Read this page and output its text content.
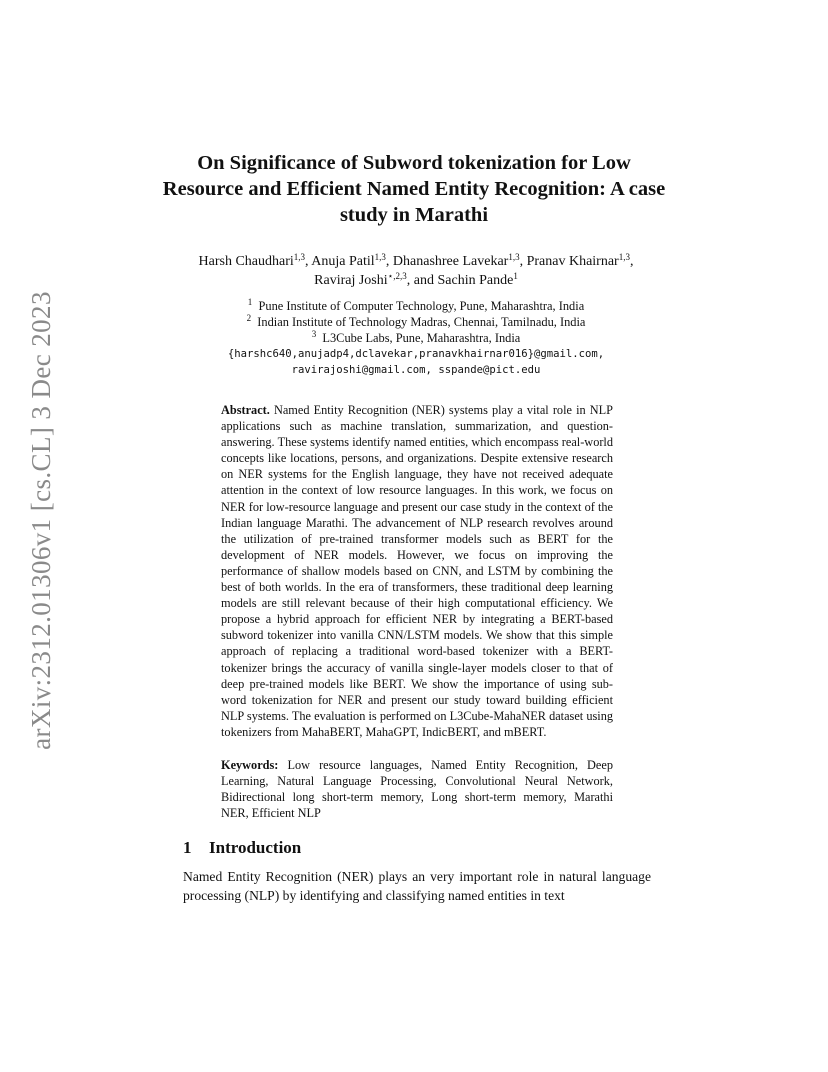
arXiv:2312.01306v1 [cs.CL] 3 Dec 2023
On Significance of Subword tokenization for Low Resource and Efficient Named Entity Recognition: A case study in Marathi
Harsh Chaudhari$^{1,3}$, Anuja Patil$^{1,3}$, Dhanashree Lavekar$^{1,3}$, Pranav Khairnar$^{1,3}$, Raviraj Joshi$^{⋆,2,3}$, and Sachin Pande$^1$
$^1$ Pune Institute of Computer Technology, Pune, Maharashtra, India
$^2$ Indian Institute of Technology Madras, Chennai, Tamilnadu, India
$^3$ L3Cube Labs, Pune, Maharashtra, India
{harshc640,anujadp4,dclavekar,pranavkhairnar016}@gmail.com,
ravirajoshi@gmail.com, sspande@pict.edu
Abstract. Named Entity Recognition (NER) systems play a vital role in NLP applications such as machine translation, summarization, and question-answering. These systems identify named entities, which encompass real-world concepts like locations, persons, and organizations. Despite extensive research on NER systems for the English language, they have not received adequate attention in the context of low resource languages. In this work, we focus on NER for low-resource language and present our case study in the context of the Indian language Marathi. The advancement of NLP research revolves around the utilization of pre-trained transformer models such as BERT for the development of NER models. However, we focus on improving the performance of shallow models based on CNN, and LSTM by combining the best of both worlds. In the era of transformers, these traditional deep learning models are still relevant because of their high computational efficiency. We propose a hybrid approach for efficient NER by integrating a BERT-based subword tokenizer into vanilla CNN/LSTM models. We show that this simple approach of replacing a traditional word-based tokenizer with a BERT-tokenizer brings the accuracy of vanilla single-layer models closer to that of deep pre-trained models like BERT. We show the importance of using sub-word tokenization for NER and present our study toward building efficient NLP systems. The evaluation is performed on L3Cube-MahaNER dataset using tokenizers from MahaBERT, MahaGPT, IndicBERT, and mBERT.
Keywords: Low resource languages, Named Entity Recognition, Deep Learning, Natural Language Processing, Convolutional Neural Network, Bidirectional long short-term memory, Long short-term memory, Marathi NER, Efficient NLP
1 Introduction
Named Entity Recognition (NER) plays an very important role in natural language processing (NLP) by identifying and classifying named entities in text
